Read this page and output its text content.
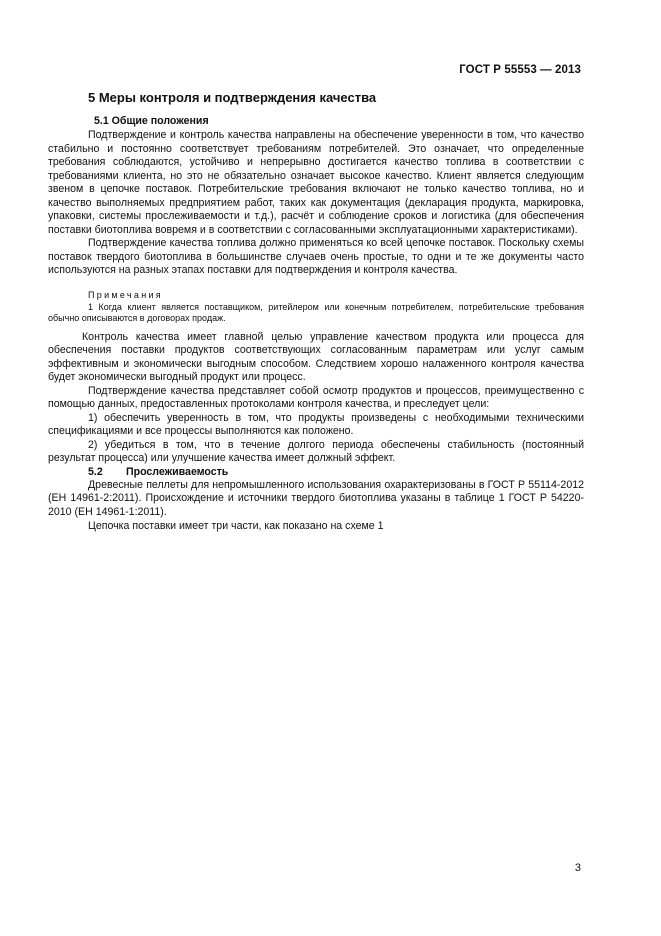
ГОСТ Р 55553 — 2013
5 Меры контроля и подтверждения качества
5.1 Общие положения

Подтверждение и контроль качества направлены на обеспечение уверенности в том, что качество стабильно и постоянно соответствует требованиям потребителей. Это означает, что определенные требования соблюдаются, устойчиво и непрерывно достигается качество топлива в соответствии с требованиями клиента, но это не обязательно означает высокое качество. Клиент является следующим звеном в цепочке поставок. Потребительские требования включают не только качество топлива, но и качество выполняемых предприятием работ, таких как документация (декларация продукта, маркировка, упаковки, системы прослеживаемости и т.д.), расчёт и соблюдение сроков и логистика (для обеспечения поставки биотоплива вовремя и в соответствии с согласованными эксплуатационными характеристиками).

Подтверждение качества топлива должно применяться ко всей цепочке поставок. Поскольку схемы поставок твердого биотоплива в большинстве случаев очень простые, то одни и те же документы часто используются на разных этапах поставки для подтверждения и контроля качества.

Примечания
1 Когда клиент является поставщиком, ритейлером или конечным потребителем, потребительские требования обычно описываются в договорах продаж.

Контроль качества имеет главной целью управление качеством продукта или процесса для обеспечения поставки продуктов соответствующих согласованным параметрам или услуг самым эффективным и экономически выгодным способом. Следствием хорошо налаженного контроля качества будет экономически выгодный продукт или процесс.

Подтверждение качества представляет собой осмотр продуктов и процессов, преимущественно с помощью данных, предоставленных протоколами контроля качества, и преследует цели:

1) обеспечить уверенность в том, что продукты произведены с необходимыми техническими спецификациями и все процессы выполняются как положено.

2) убедиться в том, что в течение долгого периода обеспечены стабильность (постоянный результат процесса) или улучшение качества имеет должный эффект.

5.2 Прослеживаемость

Древесные пеллеты для непромышленного использования охарактеризованы в ГОСТ Р 55114-2012 (ЕН 14961-2:2011). Происхождение и источники твердого биотоплива указаны в таблице 1 ГОСТ Р 54220-2010 (ЕН 14961-1:2011).

Цепочка поставки имеет три части, как показано на схеме 1

3
